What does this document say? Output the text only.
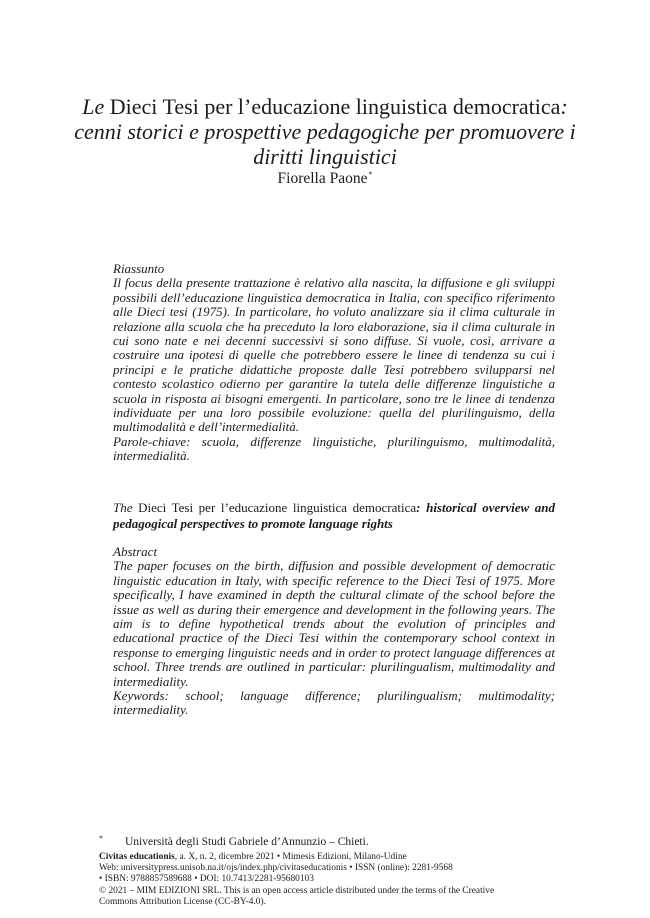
Le Dieci Tesi per l’educazione linguistica democratica: cenni storici e prospettive pedagogiche per promuovere i diritti linguistici
Fiorella Paone*
Riassunto
Il focus della presente trattazione è relativo alla nascita, la diffusione e gli sviluppi possibili dell’educazione linguistica democratica in Italia, con specifico riferimento alle Dieci tesi (1975). In particolare, ho voluto analizzare sia il clima culturale in relazione alla scuola che ha preceduto la loro elaborazione, sia il clima culturale in cui sono nate e nei decenni successivi si sono diffuse. Si vuole, così, arrivare a costruire una ipotesi di quelle che potrebbero essere le linee di tendenza su cui i principi e le pratiche didattiche proposte dalle Tesi potrebbero svilupparsi nel contesto scolastico odierno per garantire la tutela delle differenze linguistiche a scuola in risposta ai bisogni emergenti. In particolare, sono tre le linee di tendenza individuate per una loro possibile evoluzione: quella del plurilinguismo, della multimodalità e dell’intermedialità.
Parole-chiave: scuola, differenze linguistiche, plurilinguismo, multimodalità, intermedialità.
The Dieci Tesi per l’educazione linguistica democratica: historical overview and pedagogical perspectives to promote language rights
Abstract
The paper focuses on the birth, diffusion and possible development of democratic linguistic education in Italy, with specific reference to the Dieci Tesi of 1975. More specifically, I have examined in depth the cultural climate of the school before the issue as well as during their emergence and development in the following years. The aim is to define hypothetical trends about the evolution of principles and educational practice of the Dieci Tesi within the contemporary school context in response to emerging linguistic needs and in order to protect language differences at school. Three trends are outlined in particular: plurilingualism, multimodality and intermediality.
Keywords: school; language difference; plurilingualism; multimodality; intermediality.
* Università degli Studi Gabriele d’Annunzio – Chieti.
Civitas educationis, a. X, n. 2, dicembre 2021 • Mimesis Edizioni, Milano-Udine
Web: universitypress.unisob.na.it/ojs/index.php/civitaseducationis • ISSN (online): 2281-9568
• ISBN: 9788857589688 • DOI: 10.7413/2281-95680103
© 2021 – MIM EDIZIONI SRL. This is an open access article distributed under the terms of the Creative
Commons Attribution License (CC-BY-4.0).
